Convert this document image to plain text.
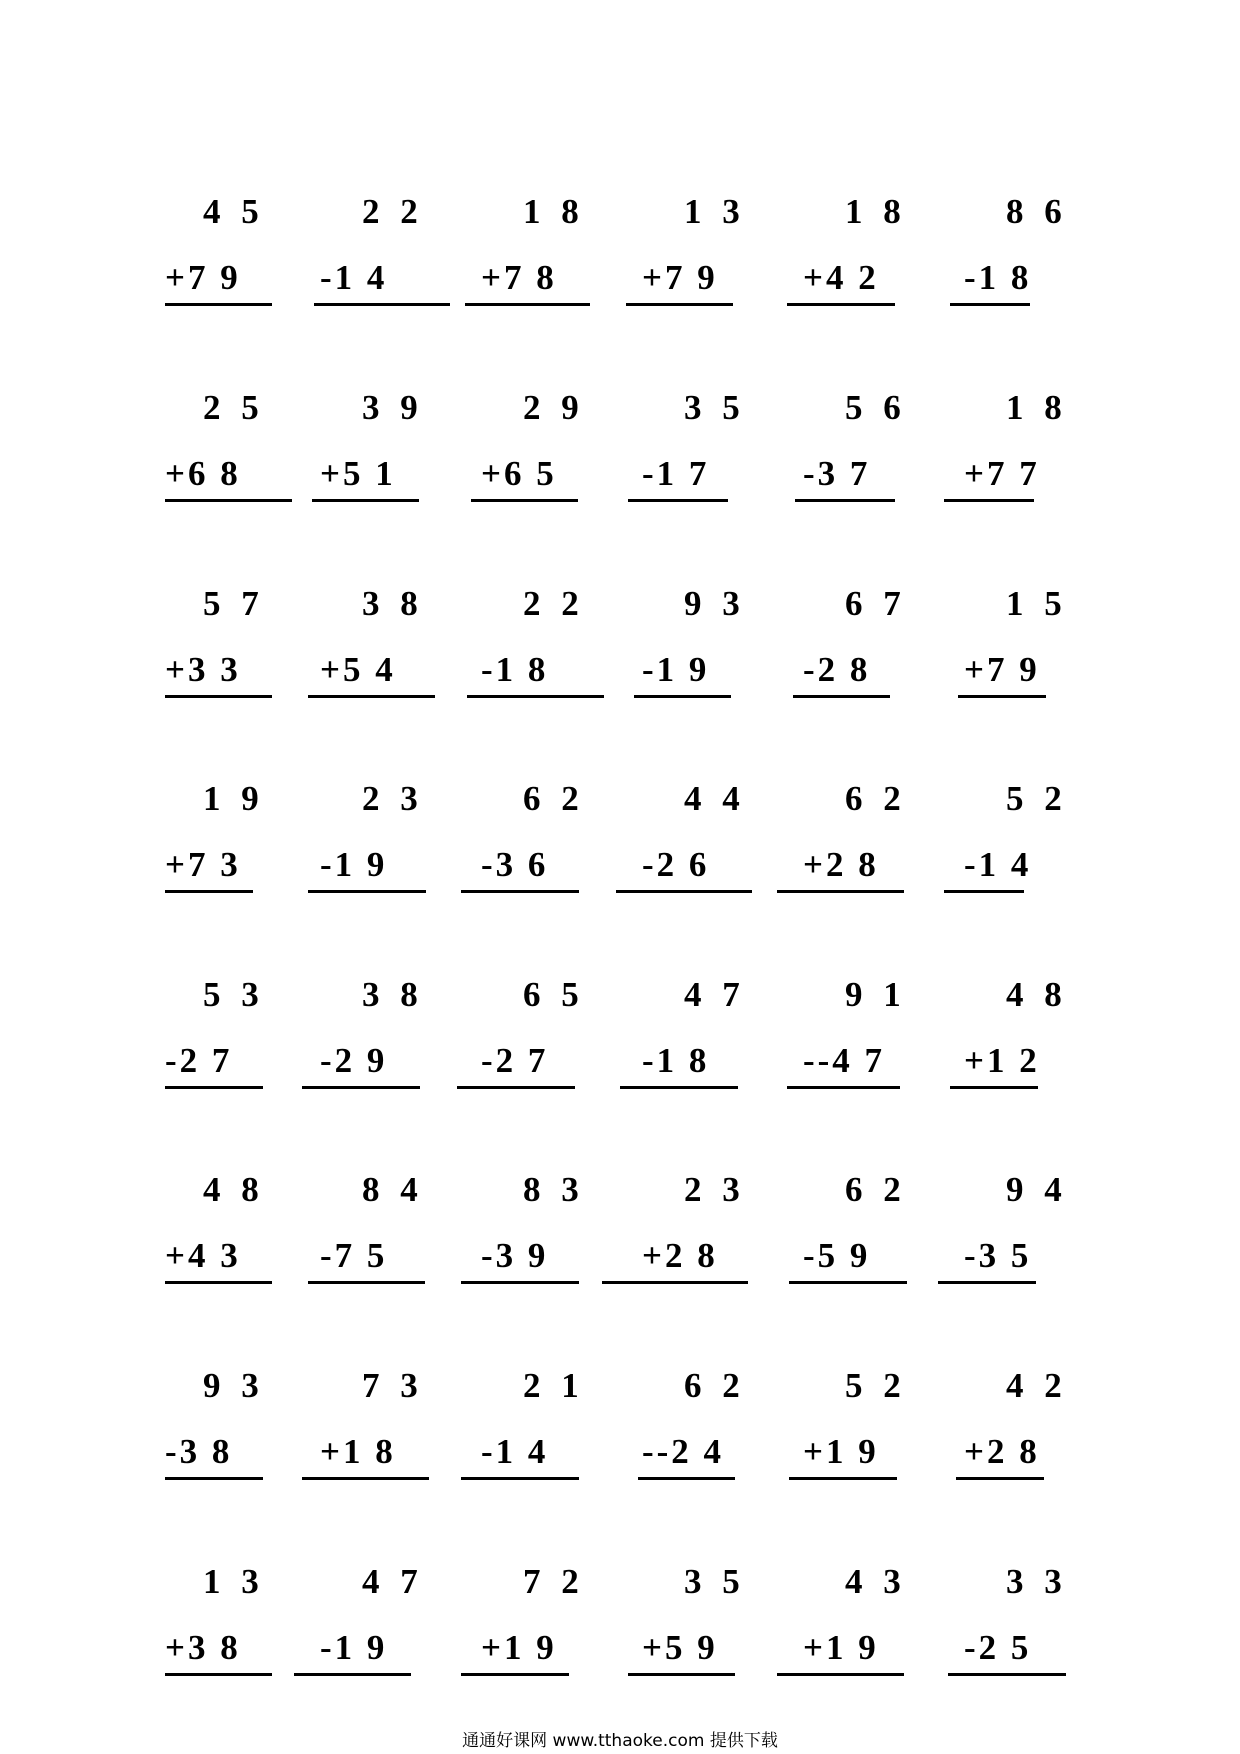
4 5
+7 9
2 2
-1 4
1 8
+7 8
1 3
+7 9
1 8
+4 2
8 6
-1 8
2 5
+6 8
3 9
+5 1
2 9
+6 5
3 5
-1 7
5 6
-3 7
1 8
+7 7
5 7
+3 3
3 8
+5 4
2 2
-1 8
9 3
-1 9
6 7
-2 8
1 5
+7 9
1 9
+7 3
2 3
-1 9
6 2
-3 6
4 4
-2 6
6 2
+2 8
5 2
-1 4
5 3
-2 7
3 8
-2 9
6 5
-2 7
4 7
-1 8
9 1
--4 7
4 8
+1 2
4 8
+4 3
8 4
-7 5
8 3
-3 9
2 3
+2 8
6 2
-5 9
9 4
-3 5
9 3
-3 8
7 3
+1 8
2 1
-1 4
6 2
--2 4
5 2
+1 9
4 2
+2 8
1 3
+3 8
4 7
-1 9
7 2
+1 9
3 5
+5 9
4 3
+1 9
3 3
-2 5
通通好课网 www.tthaoke.com 提供下载
